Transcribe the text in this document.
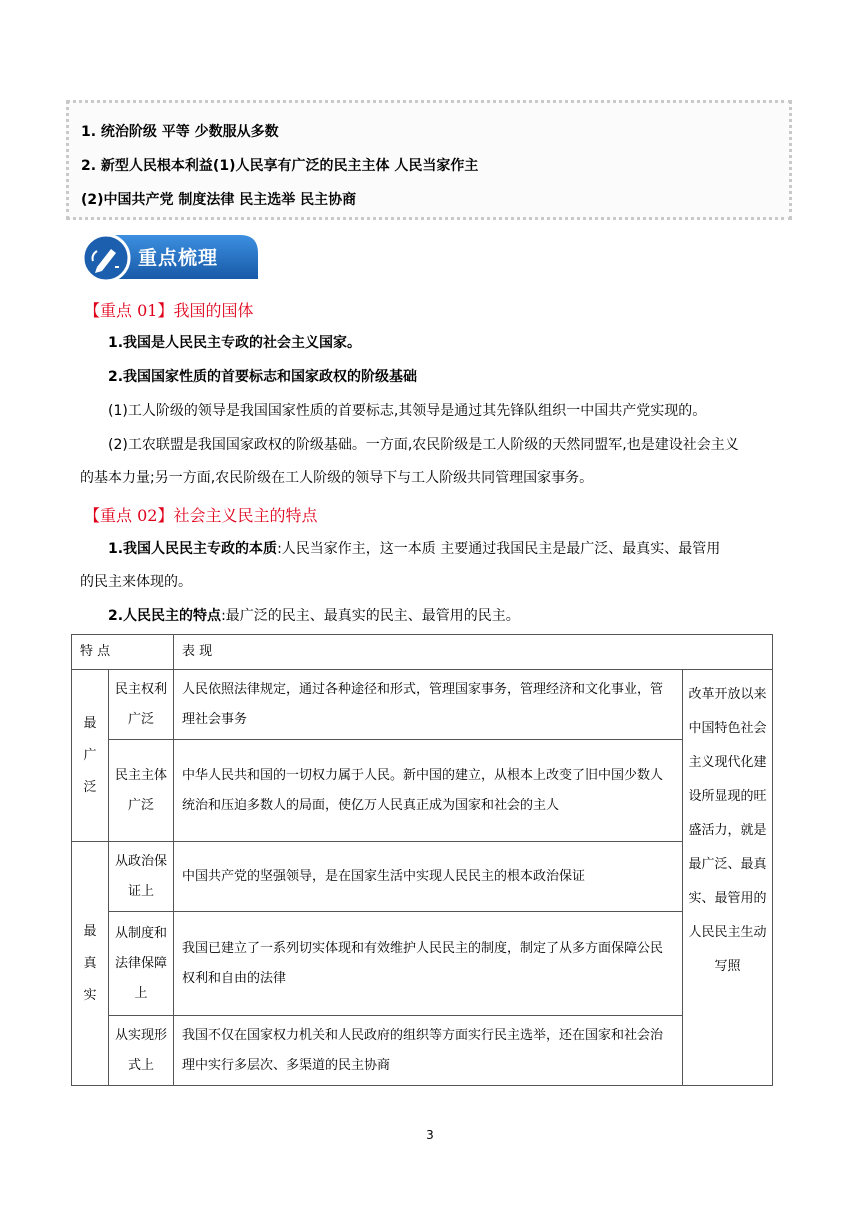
1. 统治阶级 平等 少数服从多数
2. 新型人民根本利益(1)人民享有广泛的民主主体 人民当家作主
(2)中国共产党 制度法律 民主选举 民主协商
重点梳理
【重点 01】我国的国体
1.我国是人民民主专政的社会主义国家。
2.我国国家性质的首要标志和国家政权的阶级基础
(1)工人阶级的领导是我国国家性质的首要标志,其领导是通过其先锋队组织一中国共产党实现的。
(2)工农联盟是我国国家政权的阶级基础。一方面,农民阶级是工人阶级的天然同盟军,也是建设社会主义
的基本力量;另一方面,农民阶级在工人阶级的领导下与工人阶级共同管理国家事务。
【重点 02】社会主义民主的特点
1.我国人民民主专政的本质:人民当家作主，这一本质 主要通过我国民主是最广泛、最真实、最管用
的民主来体现的。
2.人民民主的特点:最广泛的民主、最真实的民主、最管用的民主。
特 点		表 现	

最广泛	民主权利广泛	人民依照法律规定，通过各种途径和形式，管理国家事务，管理经济和文化事业，管理社会事务	改革开放以来中国特色社会主义现代化建设所显现的旺盛活力，就是最广泛、最真实、最管用的人民民主生动写照

	民主主体广泛	中华人民共和国的一切权力属于人民。新中国的建立，从根本上改变了旧中国少数人统治和压迫多数人的局面，使亿万人民真正成为国家和社会的主人	

最真实	从政治保证上	中国共产党的坚强领导，是在国家生活中实现人民民主的根本政治保证	

	从制度和法律保障上	我国已建立了一系列切实体现和有效维护人民民主的制度，制定了从多方面保障公民权利和自由的法律	

	从实现形式上	我国不仅在国家权力机关和人民政府的组织等方面实行民主选举，还在国家和社会治理中实行多层次、多渠道的民主协商	
3
